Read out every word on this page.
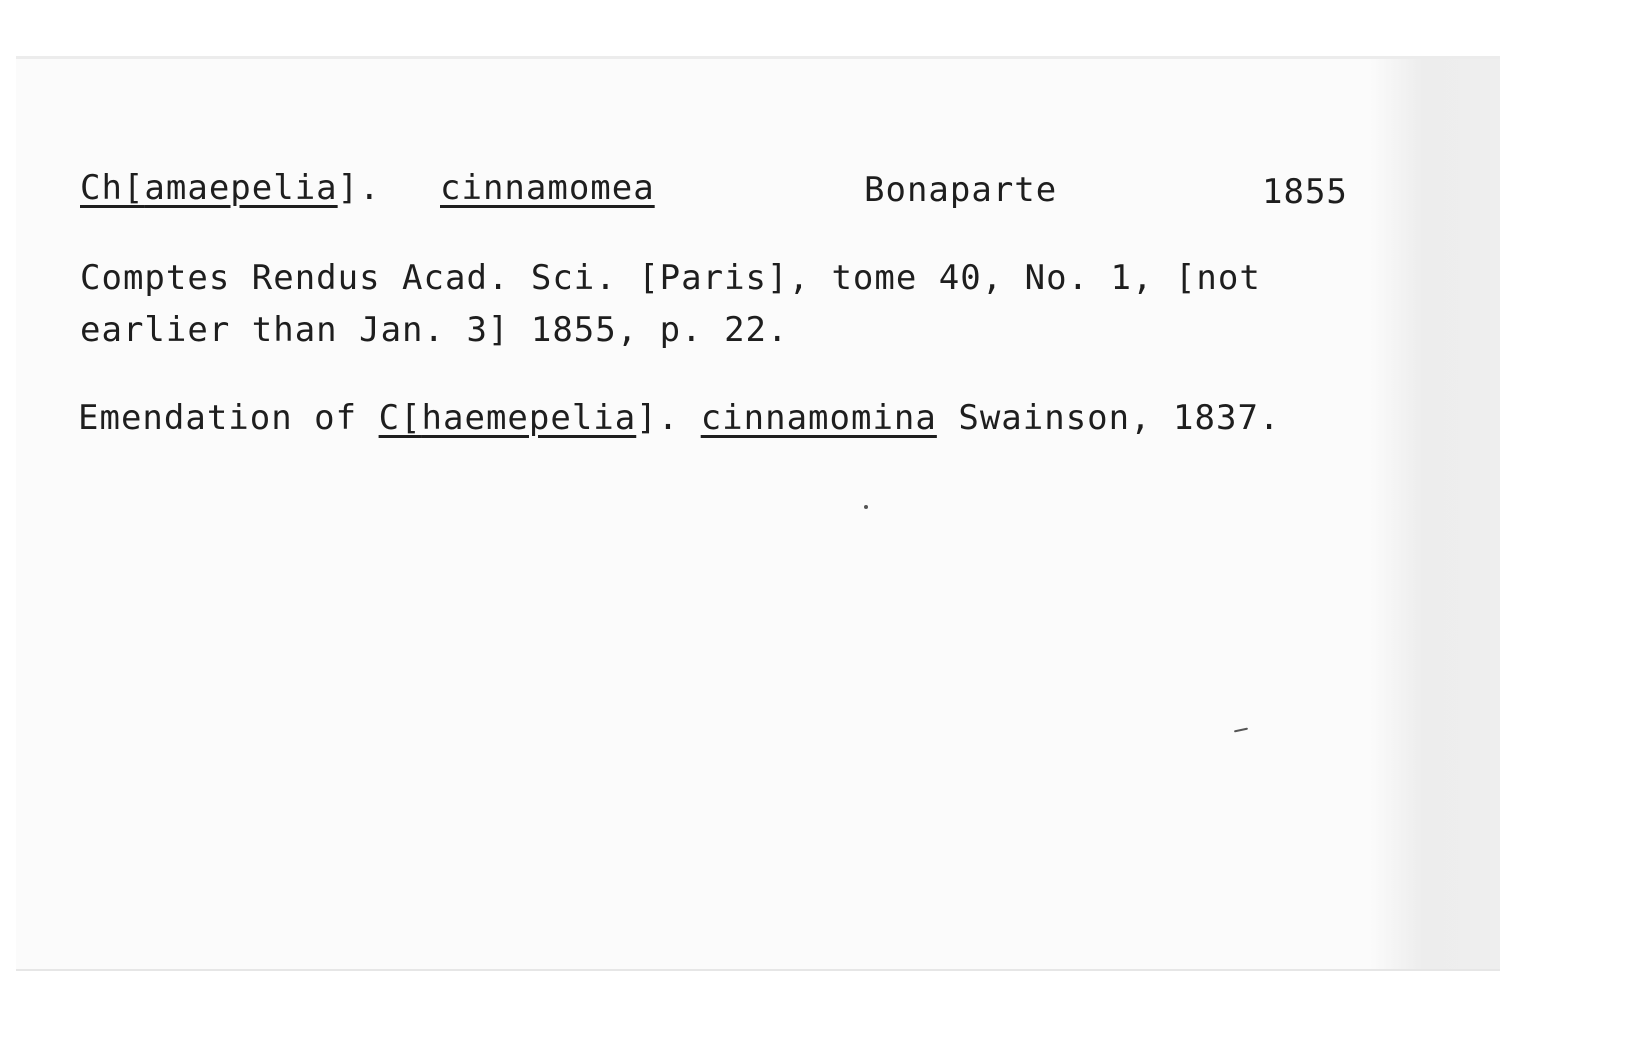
Ch[amaepelia]. cinnamomea	Bonaparte	1855
Comptes Rendus Acad. Sci. [Paris], tome 40, No. 1, [not
earlier than Jan. 3] 1855, p. 22.
Emendation of C[haemepelia]. cinnamomina Swainson, 1837.
